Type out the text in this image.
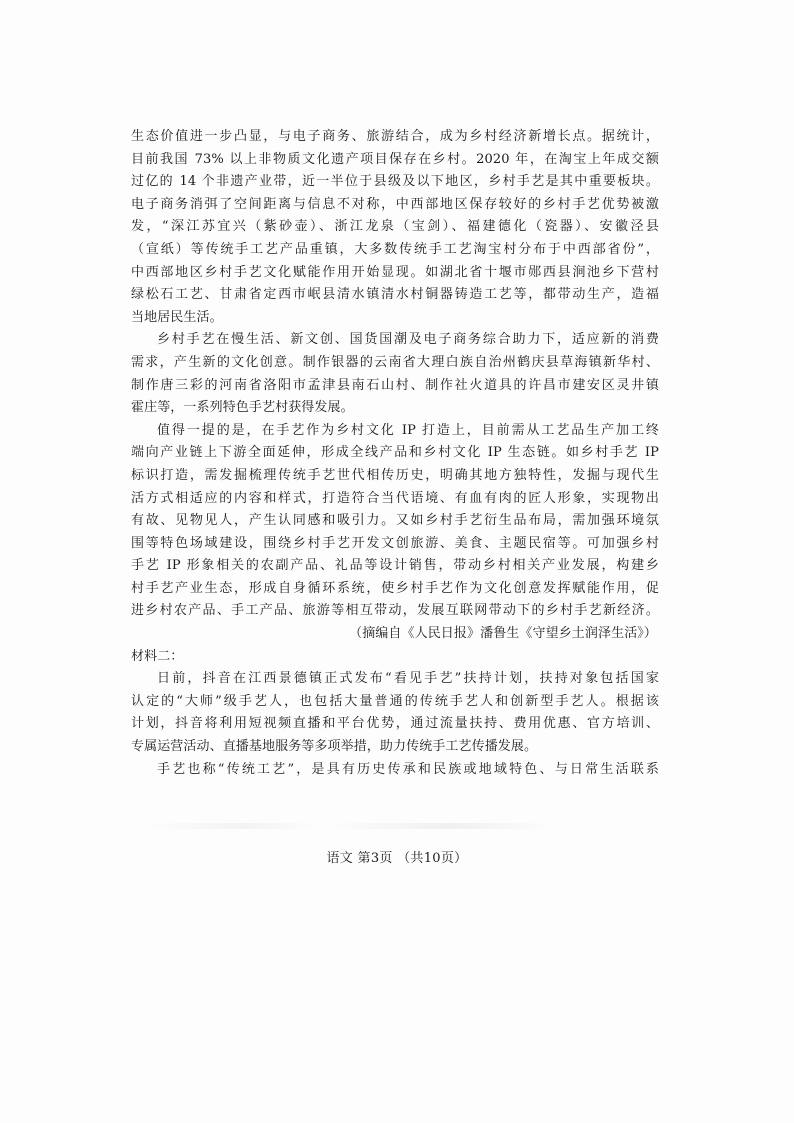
生态价值进一步凸显，与电子商务、旅游结合，成为乡村经济新增长点。据统计，
目前我国 73% 以上非物质文化遗产项目保存在乡村。2020 年，在淘宝上年成交额
过亿的 14 个非遗产业带，近一半位于县级及以下地区，乡村手艺是其中重要板块。
电子商务消弭了空间距离与信息不对称，中西部地区保存较好的乡村手艺优势被激
发，“深江苏宜兴（紫砂壶）、浙江龙泉（宝剑）、福建德化（瓷器）、安徽泾县
（宣纸）等传统手工艺产品重镇，大多数传统手工艺淘宝村分布于中西部省份”，
中西部地区乡村手艺文化赋能作用开始显现。如湖北省十堰市郧西县涧池乡下营村
绿松石工艺、甘肃省定西市岷县清水镇清水村铜器铸造工艺等，都带动生产，造福
当地居民生活。
乡村手艺在慢生活、新文创、国货国潮及电子商务综合助力下，适应新的消费
需求，产生新的文化创意。制作银器的云南省大理白族自治州鹤庆县草海镇新华村、
制作唐三彩的河南省洛阳市孟津县南石山村、制作社火道具的许昌市建安区灵井镇
霍庄等，一系列特色手艺村获得发展。
值得一提的是，在手艺作为乡村文化 IP 打造上，目前需从工艺品生产加工终
端向产业链上下游全面延伸，形成全线产品和乡村文化 IP 生态链。如乡村手艺 IP
标识打造，需发掘梳理传统手艺世代相传历史，明确其地方独特性，发掘与现代生
活方式相适应的内容和样式，打造符合当代语境、有血有肉的匠人形象，实现物出
有故、见物见人，产生认同感和吸引力。又如乡村手艺衍生品布局，需加强环境氛
围等特色场域建设，围绕乡村手艺开发文创旅游、美食、主题民宿等。可加强乡村
手艺 IP 形象相关的农副产品、礼品等设计销售，带动乡村相关产业发展，构建乡
村手艺产业生态，形成自身循环系统，使乡村手艺作为文化创意发挥赋能作用，促
进乡村农产品、手工产品、旅游等相互带动，发展互联网带动下的乡村手艺新经济。
（摘编自《人民日报》潘鲁生《守望乡土润泽生活》）
材料二：
日前，抖音在江西景德镇正式发布“看见手艺”扶持计划，扶持对象包括国家
认定的“大师”级手艺人，也包括大量普通的传统手艺人和创新型手艺人。根据该
计划，抖音将利用短视频直播和平台优势，通过流量扶持、费用优惠、官方培训、
专属运营活动、直播基地服务等多项举措，助力传统手工艺传播发展。
手艺也称“传统工艺”，是具有历史传承和民族或地域特色、与日常生活联系
语文 第3页 （共10页）
